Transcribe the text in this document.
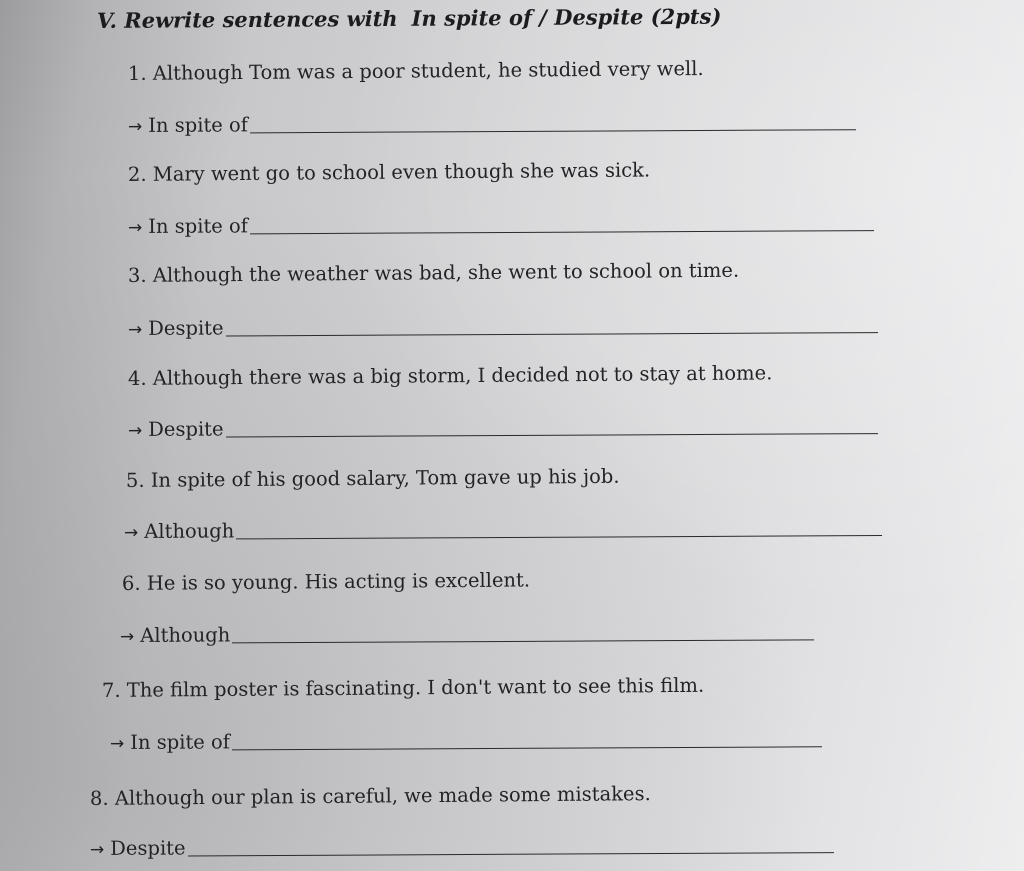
V. Rewrite sentences with In spite of / Despite (2pts)
1. Although Tom was a poor student, he studied very well.
→ In spite of
2. Mary went go to school even though she was sick.
→ In spite of
3. Although the weather was bad, she went to school on time.
→ Despite
4. Although there was a big storm, I decided not to stay at home.
→ Despite
5. In spite of his good salary, Tom gave up his job.
→ Although
6. He is so young. His acting is excellent.
→ Although
7. The film poster is fascinating. I don't want to see this film.
→ In spite of
8. Although our plan is careful, we made some mistakes.
→ Despite
